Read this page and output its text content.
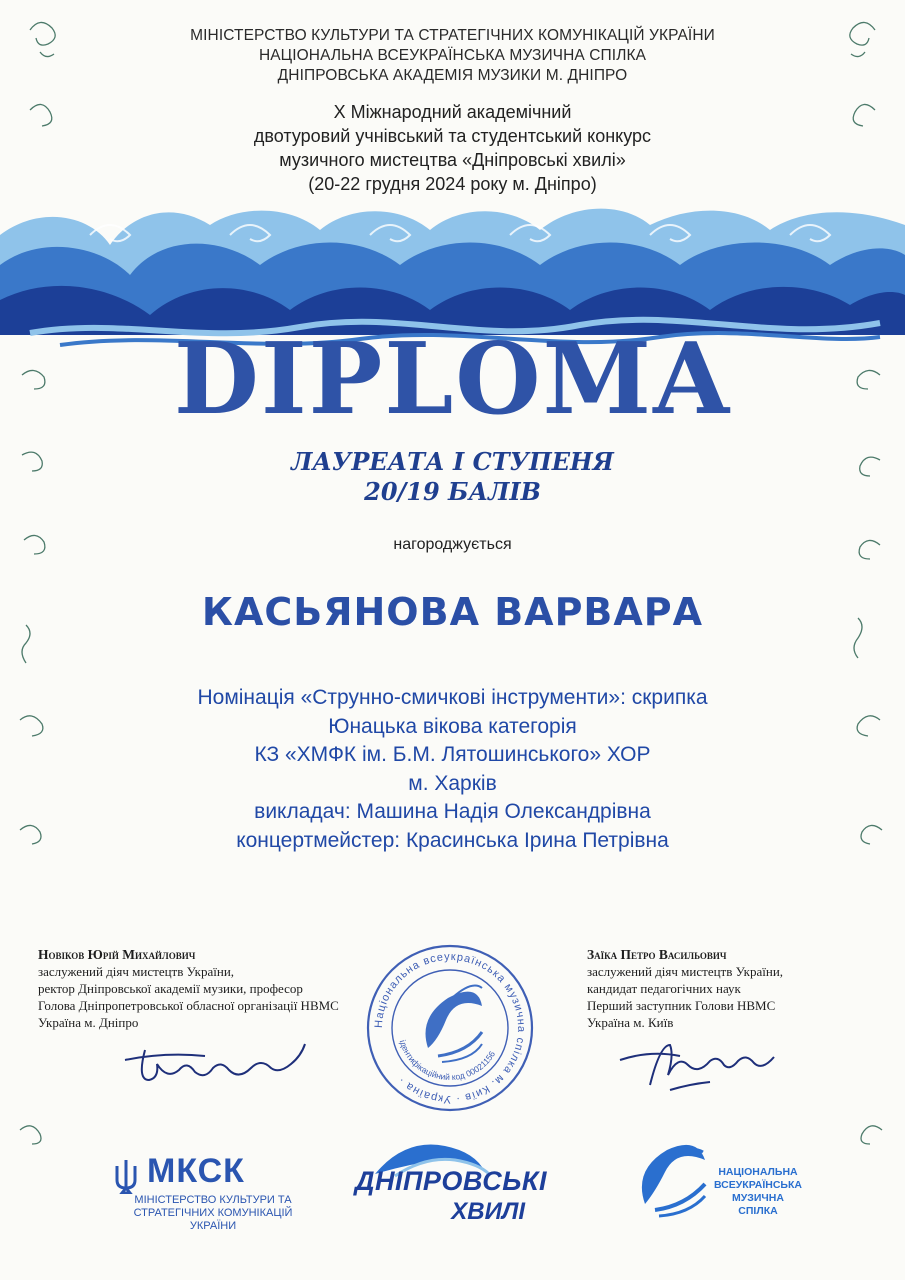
МІНІСТЕРСТВО КУЛЬТУРИ ТА СТРАТЕГІЧНИХ КОМУНІКАЦІЙ УКРАЇНИ
НАЦІОНАЛЬНА ВСЕУКРАЇНСЬКА МУЗИЧНА СПІЛКА
ДНІПРОВСЬКА АКАДЕМІЯ МУЗИКИ М. ДНІПРО
X Міжнародний академічний
двотуровий учнівський та студентський конкурс
музичного мистецтва «Дніпровські хвилі»
(20-22 грудня 2024 року м. Дніпро)
DIPLOMA
ЛАУРЕАТА І СТУПЕНЯ
20/19 БАЛІВ
нагороджується
КАСЬЯНОВА ВАРВАРА
Номінація «Струнно-смичкові інструменти»: скрипка
Юнацька вікова категорія
КЗ «ХМФК ім. Б.М. Лятошинського» ХОР
м. Харків
викладач: Машина Надія Олександрівна
концертмейстер: Красинська Ірина Петрівна
Новіков Юрій Михайлович
заслужений діяч мистецтв України,
ректор Дніпровської академії музики, професор
Голова Дніпропетровської обласної організації НВМС
Україна м. Дніпро
Заїка Петро Васильович
заслужений діяч мистецтв України,
кандидат педагогічних наук
Перший заступник Голови НВМС
Україна м. Київ
Національна всеукраїнська музична спілка м. Київ · Україна ·
ідентифікаційний код 00021156
МКСК
МІНІСТЕРСТВО КУЛЬТУРИ ТА
СТРАТЕГІЧНИХ КОМУНІКАЦІЙ УКРАЇНИ
ДНІПРОВСЬКІ
ХВИЛІ
НАЦІОНАЛЬНА
ВСЕУКРАЇНСЬКА
МУЗИЧНА СПІЛКА
